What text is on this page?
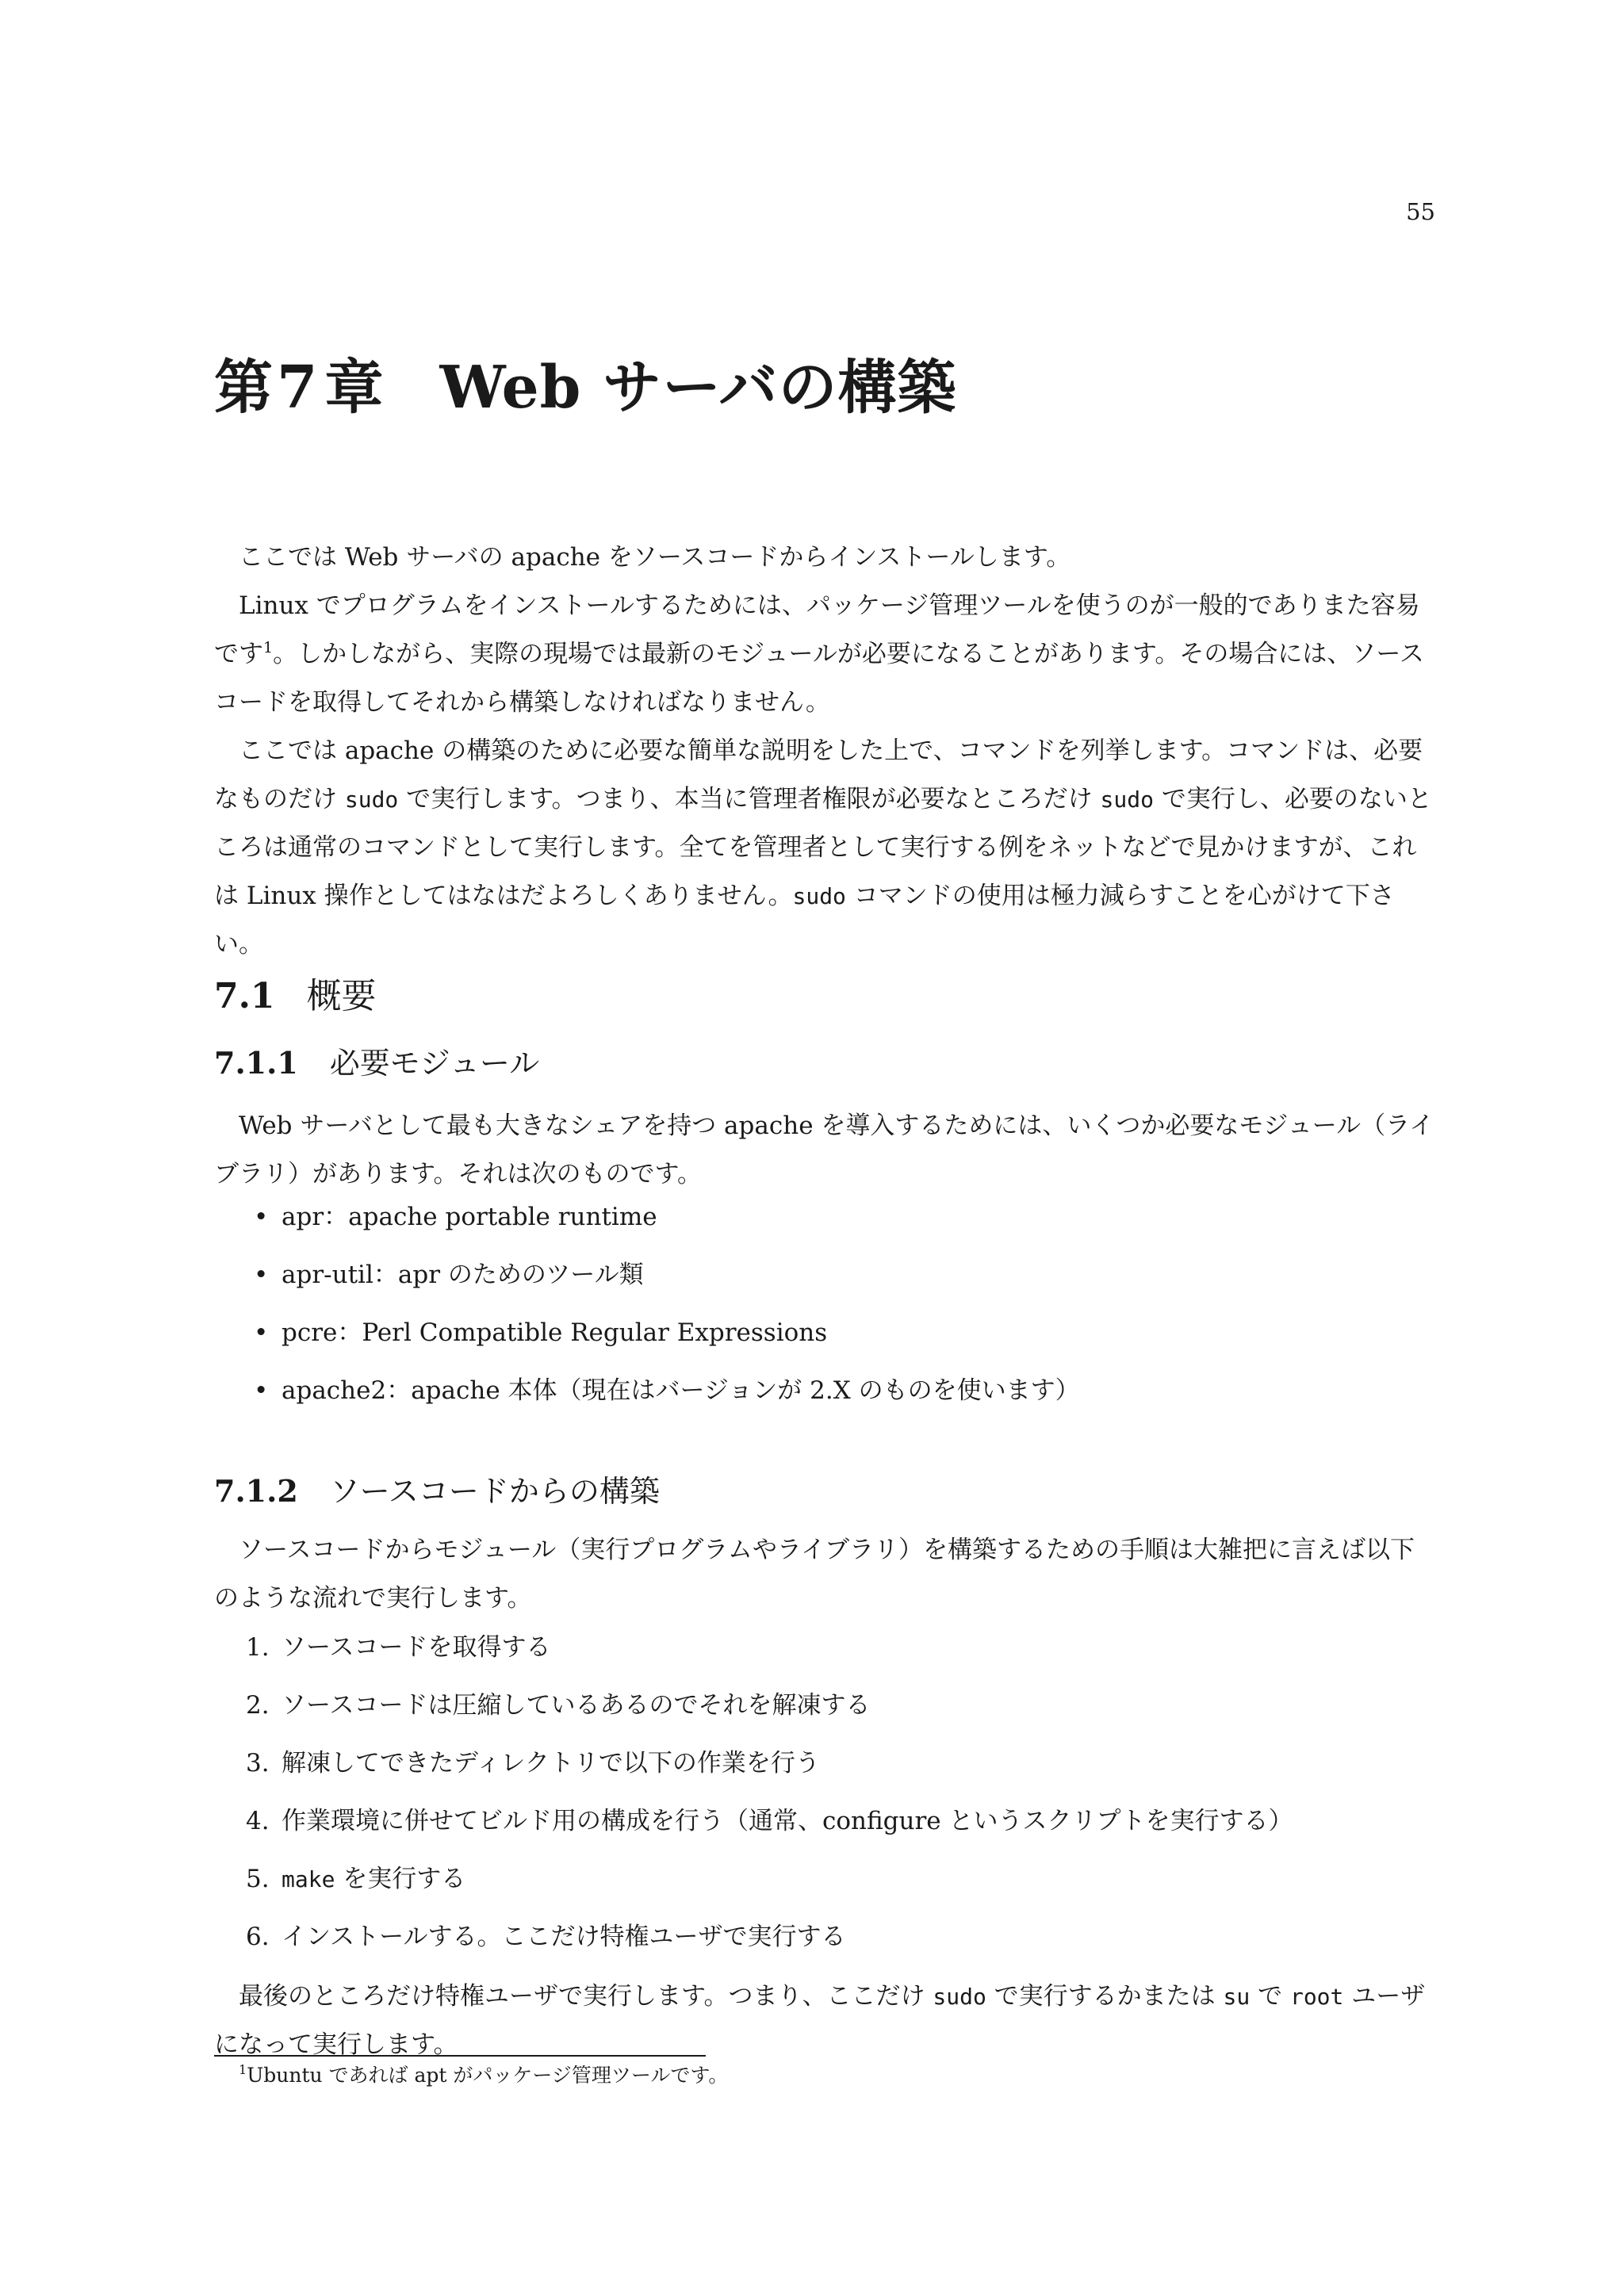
55
第7 章 Web サーバの構築

ここでは Web サーバの apache をソースコードからインストールします。

Linux でプログラムをインストールするためには、パッケージ管理ツールを使うのが一般的でありまた容易です$^1$。しかしながら、実際の現場では最新のモジュールが必要になることがあります。その場合には、ソースコードを取得してそれから構築しなければなりません。

ここでは apache の構築のために必要な簡単な説明をした上で、コマンドを列挙します。コマンドは、必要なものだけ sudo で実行します。つまり、本当に管理者権限が必要なところだけ sudo で実行し、必要のないところは通常のコマンドとして実行します。全てを管理者として実行する例をネットなどで見かけますが、これは Linux 操作としてはなはだよろしくありません。sudo コマンドの使用は極力減らすことを心がけて下さい。

7.1 概要
7.1.1 必要モジュール

Web サーバとして最も大きなシェアを持つ apache を導入するためには、いくつか必要なモジュール（ライブラリ）があります。それは次のものです。

• apr：apache portable runtime
• apr-util：apr のためのツール類
• pcre：Perl Compatible Regular Expressions
• apache2：apache 本体（現在はバージョンが 2.X のものを使います）
7.1.2 ソースコードからの構築

ソースコードからモジュール（実行プログラムやライブラリ）を構築するための手順は大雑把に言えば以下のような流れで実行します。

1. ソースコードを取得する
2. ソースコードは圧縮しているあるのでそれを解凍する
3. 解凍してできたディレクトリで以下の作業を行う
4. 作業環境に併せてビルド用の構成を行う（通常、configure というスクリプトを実行する）
5. make を実行する
6. インストールする。ここだけ特権ユーザで実行する

最後のところだけ特権ユーザで実行します。つまり、ここだけ sudo で実行するかまたは su で root ユーザになって実行します。

$^1$Ubuntu であれば apt がパッケージ管理ツールです。
